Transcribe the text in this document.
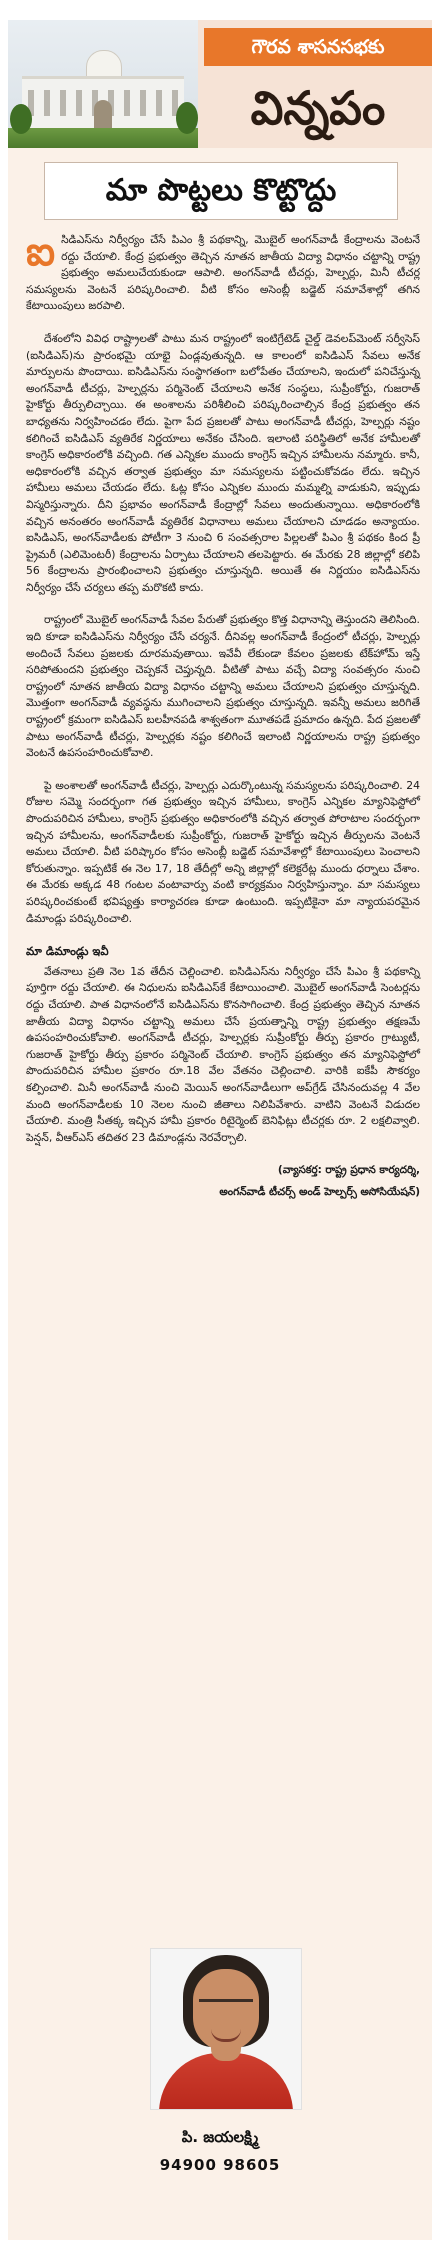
గౌరవ శాసనసభకు
విన్నపం
మా పొట్టలు కొట్టొద్దు

ఐసిడిఎస్‌ను నిర్వీర్యం చేసే పిఎం శ్రీ పథకాన్ని, మొబైల్ అంగన్‌వాడీ కేంద్రాలను వెంటనే రద్దు చేయాలి. కేంద్ర ప్రభుత్వం తెచ్చిన నూతన జాతీయ విద్యా విధానం చట్టాన్ని రాష్ట్ర ప్రభుత్వం అమలుచేయకుండా ఆపాలి. అంగన్‌వాడీ టీచర్లు, హెల్పర్లు, మినీ టీచర్ల సమస్యలను వెంటనే పరిష్కరించాలి. వీటి కోసం అసెంబ్లీ బడ్జెట్ సమావేశాల్లో తగిన కేటాయింపులు జరపాలి.

దేశంలోని వివిధ రాష్ట్రాలతో పాటు మన రాష్ట్రంలో ఇంటిగ్రేటెడ్ చైల్డ్ డెవలప్‌మెంట్ సర్వీసెస్ (ఐసిడిఎస్)ను ప్రారంభమై యాభై ఏండ్లవుతున్నది. ఆ కాలంలో ఐసిడిఎస్ సేవలు అనేక మార్పులను పొందాయి. ఐసిడిఎస్‌ను సంస్థాగతంగా బలోపేతం చేయాలని, ఇందులో పనిచేస్తున్న అంగన్‌వాడీ టీచర్లు, హెల్పర్లను పర్మినెంట్ చేయాలని అనేక సంస్థలు, సుప్రీంకోర్టు, గుజరాత్ హైకోర్టు తీర్పులిచ్చాయి. ఈ అంశాలను పరిశీలించి పరిష్కరించాల్సిన కేంద్ర ప్రభుత్వం తన బాధ్యతను నిర్వహించడం లేదు. పైగా పేద ప్రజలతో పాటు అంగన్‌వాడీ టీచర్లు, హెల్పర్లు నష్టం కలిగించే ఐసిడిఎస్ వ్యతిరేక నిర్ణయాలు అనేకం చేసింది. ఇలాంటి పరిస్థితిలో అనేక హామీలతో కాంగ్రెస్ అధికారంలోకి వచ్చింది. గత ఎన్నికల ముందు కాంగ్రెస్ ఇచ్చిన హామీలను నమ్మారు. కానీ, అధికారంలోకి వచ్చిన తర్వాత ప్రభుత్వం మా సమస్యలను పట్టించుకోవడం లేదు. ఇచ్చిన హామీలు అమలు చేయడం లేదు. ఓట్ల కోసం ఎన్నికల ముందు మమ్మల్ని వాడుకుని, ఇప్పుడు విస్మరిస్తున్నారు. దీని ప్రభావం అంగన్‌వాడీ కేంద్రాల్లో సేవలు అందుతున్నాయి. అధికారంలోకి వచ్చిన అనంతరం అంగన్‌వాడీ వ్యతిరేక విధానాలు అమలు చేయాలని చూడడం అన్యాయం. ఐసిడిఎస్, అంగన్‌వాడీలకు పోటీగా 3 నుంచి 6 సంవత్సరాల పిల్లలతో పిఎం శ్రీ పథకం కింద ప్రీ ప్రైమరీ (ఎలిమెంటరీ) కేంద్రాలను ఏర్పాటు చేయాలని తలపెట్టారు. ఈ మేరకు 28 జిల్లాల్లో కలిపి 56 కేంద్రాలను ప్రారంభించాలని ప్రభుత్వం చూస్తున్నది. అయితే ఈ నిర్ణయం ఐసిడిఎస్‌ను నిర్వీర్యం చేసే చర్యలు తప్ప మరొకటి కాదు.

రాష్ట్రంలో మొబైల్ అంగన్‌వాడీ సేవల పేరుతో ప్రభుత్వం కొత్త విధానాన్ని తెస్తుందని తెలిసింది. ఇది కూడా ఐసిడిఎస్‌ను నిర్వీర్యం చేసే చర్యనే. దీనివల్ల అంగన్‌వాడీ కేంద్రంలో టీచర్లు, హెల్పర్లు అందించే సేవలు ప్రజలకు దూరమవుతాయి. ఇవేవీ లేకుండా కేవలం ప్రజలకు టేక్‌హోమ్ ఇస్తే సరిపోతుందని ప్రభుత్వం చెప్పకనే చెప్తున్నది. వీటితో పాటు వచ్చే విద్యా సంవత్సరం నుంచి రాష్ట్రంలో నూతన జాతీయ విద్యా విధానం చట్టాన్ని అమలు చేయాలని ప్రభుత్వం చూస్తున్నది. మొత్తంగా అంగన్‌వాడీ వ్యవస్థను ముగించాలని ప్రభుత్వం చూస్తున్నది. ఇవన్నీ అమలు జరిగితే రాష్ట్రంలో క్రమంగా ఐసిడిఎస్ బలహీనపడి శాశ్వతంగా మూతపడే ప్రమాదం ఉన్నది. పేద ప్రజలతో పాటు అంగన్‌వాడీ టీచర్లు, హెల్పర్లకు నష్టం కలిగించే ఇలాంటి నిర్ణయాలను రాష్ట్ర ప్రభుత్వం వెంటనే ఉపసంహరించుకోవాలి.

పై అంశాలతో అంగన్‌వాడీ టీచర్లు, హెల్పర్లు ఎదుర్కొంటున్న సమస్యలను పరిష్కరించాలి. 24 రోజుల సమ్మె సందర్భంగా గత ప్రభుత్వం ఇచ్చిన హామీలు, కాంగ్రెస్ ఎన్నికల మ్యానిఫెస్టోలో పొందుపరిచిన హామీలు, కాంగ్రెస్ ప్రభుత్వం అధికారంలోకి వచ్చిన తర్వాత పోరాటాల సందర్భంగా ఇచ్చిన హామీలను, అంగన్‌వాడీలకు సుప్రీంకోర్టు, గుజరాత్ హైకోర్టు ఇచ్చిన తీర్పులను వెంటనే అమలు చేయాలి. వీటి పరిష్కారం కోసం అసెంబ్లీ బడ్జెట్ సమావేశాల్లో కేటాయింపులు పెంచాలని కోరుతున్నాం. ఇప్పటికే ఈ నెల 17, 18 తేదీల్లో అన్ని జిల్లాల్లో కలెక్టరేట్ల ముందు ధర్నాలు చేశాం. ఈ మేరకు అక్కడ 48 గంటల వంటావార్పు వంటి కార్యక్రమం నిర్వహిస్తున్నాం. మా సమస్యలు పరిష్కరించకుంటే భవిష్యత్తు కార్యాచరణ కూడా ఉంటుంది. ఇప్పటికైనా మా న్యాయపరమైన డిమాండ్లు పరిష్కరించాలి.

మా డిమాండ్లు ఇవీ

వేతనాలు ప్రతి నెల 1వ తేదీన చెల్లించాలి. ఐసిడిఎస్‌ను నిర్వీర్యం చేసే పిఎం శ్రీ పథకాన్ని పూర్తిగా రద్దు చేయాలి. ఈ నిధులను ఐసిడిఎస్‌కే కేటాయించాలి. మొబైల్ అంగన్‌వాడీ సెంటర్లను రద్దు చేయాలి. పాత విధానంలోనే ఐసిడిఎస్‌ను కొనసాగించాలి. కేంద్ర ప్రభుత్వం తెచ్చిన నూతన జాతీయ విద్యా విధానం చట్టాన్ని అమలు చేసే ప్రయత్నాన్ని రాష్ట్ర ప్రభుత్వం తక్షణమే ఉపసంహరించుకోవాలి. అంగన్‌వాడీ టీచర్లు, హెల్పర్లకు సుప్రీంకోర్టు తీర్పు ప్రకారం గ్రాట్యుటీ, గుజరాత్ హైకోర్టు తీర్పు ప్రకారం పర్మినెంట్ చేయాలి. కాంగ్రెస్ ప్రభుత్వం తన మ్యానిఫెస్టోలో పొందుపరిచిన హామీల ప్రకారం రూ.18 వేల వేతనం చెల్లించాలి. వారికి ఐకేపీ సౌకర్యం కల్పించాలి. మినీ అంగన్‌వాడీ నుంచి మెయిన్ అంగన్‌వాడీలుగా అప్‌గ్రేడ్ చేసినందువల్ల 4 వేల మంది అంగన్‌వాడీలకు 10 నెలల నుంచి జీతాలు నిలిపివేశారు. వాటిని వెంటనే విడుదల చేయాలి. మంత్రి సీతక్క ఇచ్చిన హామీ ప్రకారం రిటైర్మెంట్ బెనిఫిట్లు టీచర్లకు రూ. 2 లక్షలివ్వాలి. పెన్షన్, వీఆర్ఎస్ తదితర 23 డిమాండ్లను నెరవేర్చాలి.

(వ్యాసకర్త: రాష్ట్ర ప్రధాన కార్యదర్శి,
అంగన్‌వాడీ టీచర్స్ అండ్ హెల్పర్స్ అసోసియేషన్)
పి. జయలక్ష్మి
94900 98605
